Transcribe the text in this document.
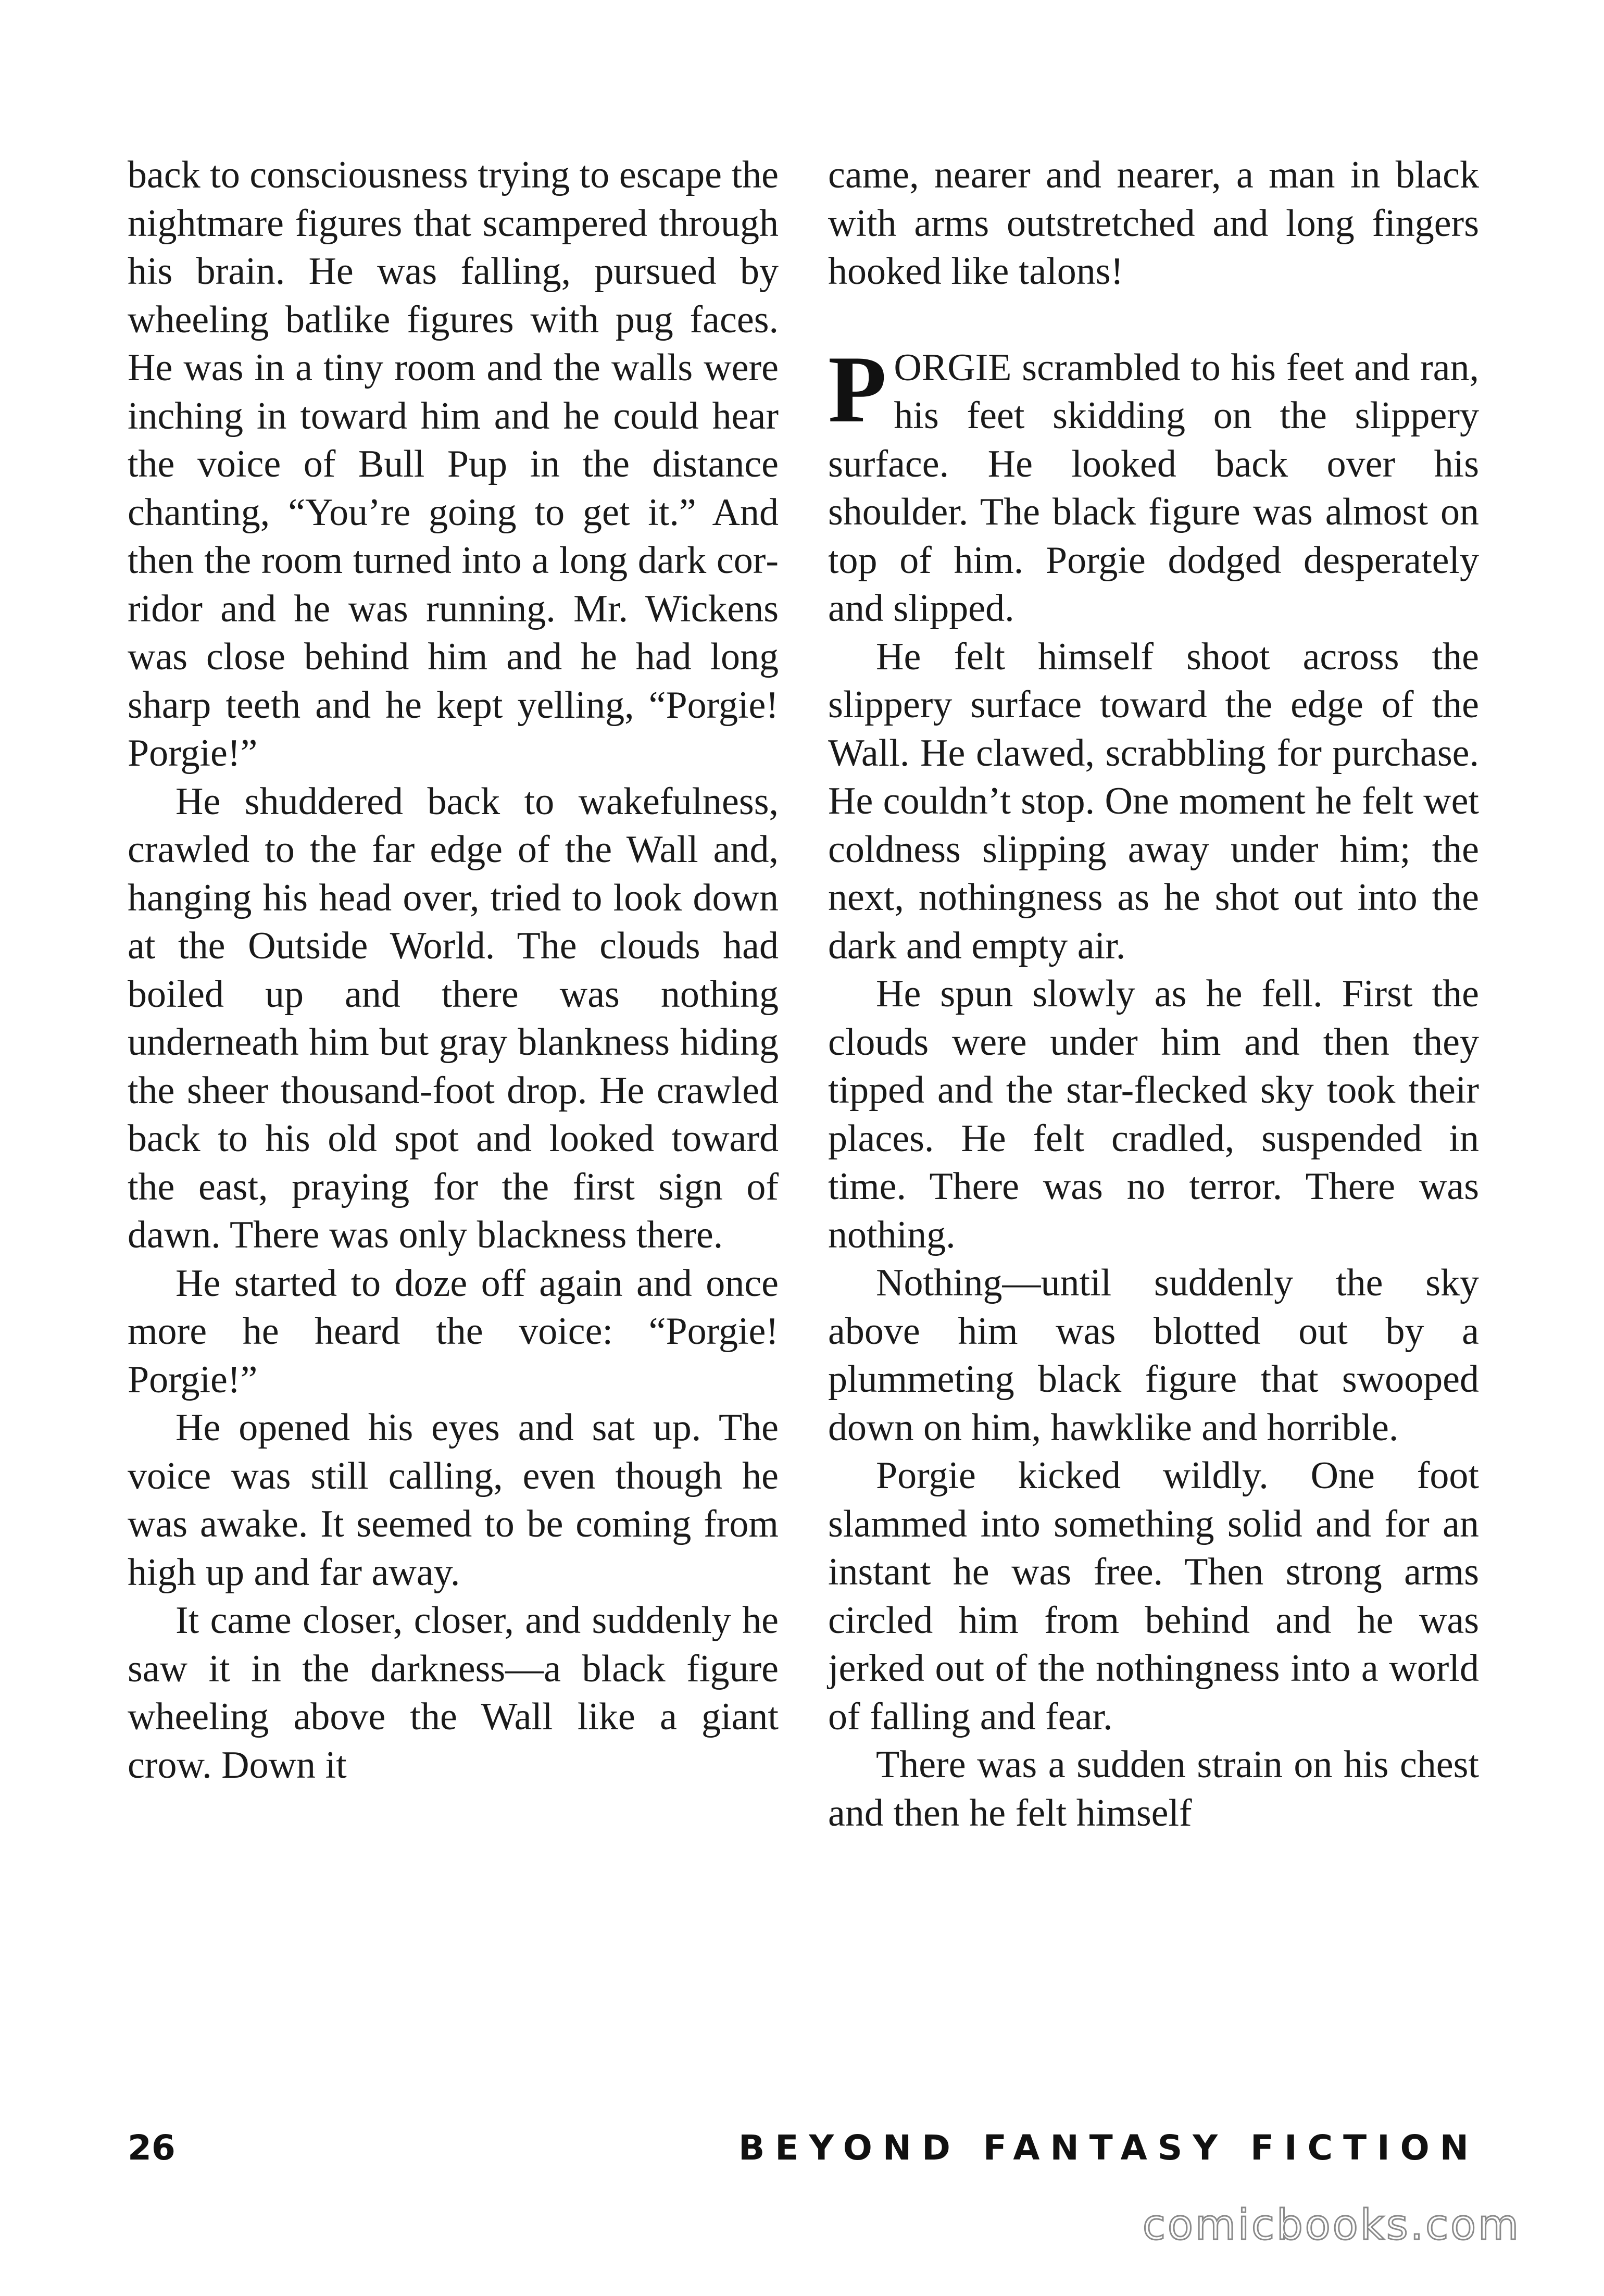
back to consciousness trying to escape the nightmare figures that scampered through his brain. He was falling, pursued by wheeling batlike figures with pug faces. He was in a tiny room and the walls were inching in toward him and he could hear the voice of Bull Pup in the distance chanting, “You’re going to get it.” And then the room turned into a long dark corridor and he was running. Mr. Wickens was close behind him and he had long sharp teeth and he kept yelling, “Porgie! Porgie!”

He shuddered back to wakefulness, crawled to the far edge of the Wall and, hanging his head over, tried to look down at the Outside World. The clouds had boiled up and there was nothing underneath him but gray blankness hiding the sheer thousand-foot drop. He crawled back to his old spot and looked toward the east, praying for the first sign of dawn. There was only blackness there.

He started to doze off again and once more he heard the voice: “Porgie! Porgie!”

He opened his eyes and sat up. The voice was still calling, even though he was awake. It seemed to be coming from high up and far away.

It came closer, closer, and suddenly he saw it in the darkness—a black figure wheeling above the Wall like a giant crow. Down it

came, nearer and nearer, a man in black with arms outstretched and long fingers hooked like talons!

PORGIE scrambled to his feet and ran, his feet skidding on the slippery surface. He looked back over his shoulder. The black figure was almost on top of him. Porgie dodged desperately and slipped.

He felt himself shoot across the slippery surface toward the edge of the Wall. He clawed, scrabbling for purchase. He couldn’t stop. One moment he felt wet coldness slipping away under him; the next, nothingness as he shot out into the dark and empty air.

He spun slowly as he fell. First the clouds were under him and then they tipped and the star-flecked sky took their places. He felt cradled, suspended in time. There was no terror. There was nothing.

Nothing—until suddenly the sky above him was blotted out by a plummeting black figure that swooped down on him, hawklike and horrible.

Porgie kicked wildly. One foot slammed into something solid and for an instant he was free. Then strong arms circled him from behind and he was jerked out of the nothingness into a world of falling and fear.

There was a sudden strain on his chest and then he felt himself

26	BEYOND FANTASY FICTION
comicbooks.com
